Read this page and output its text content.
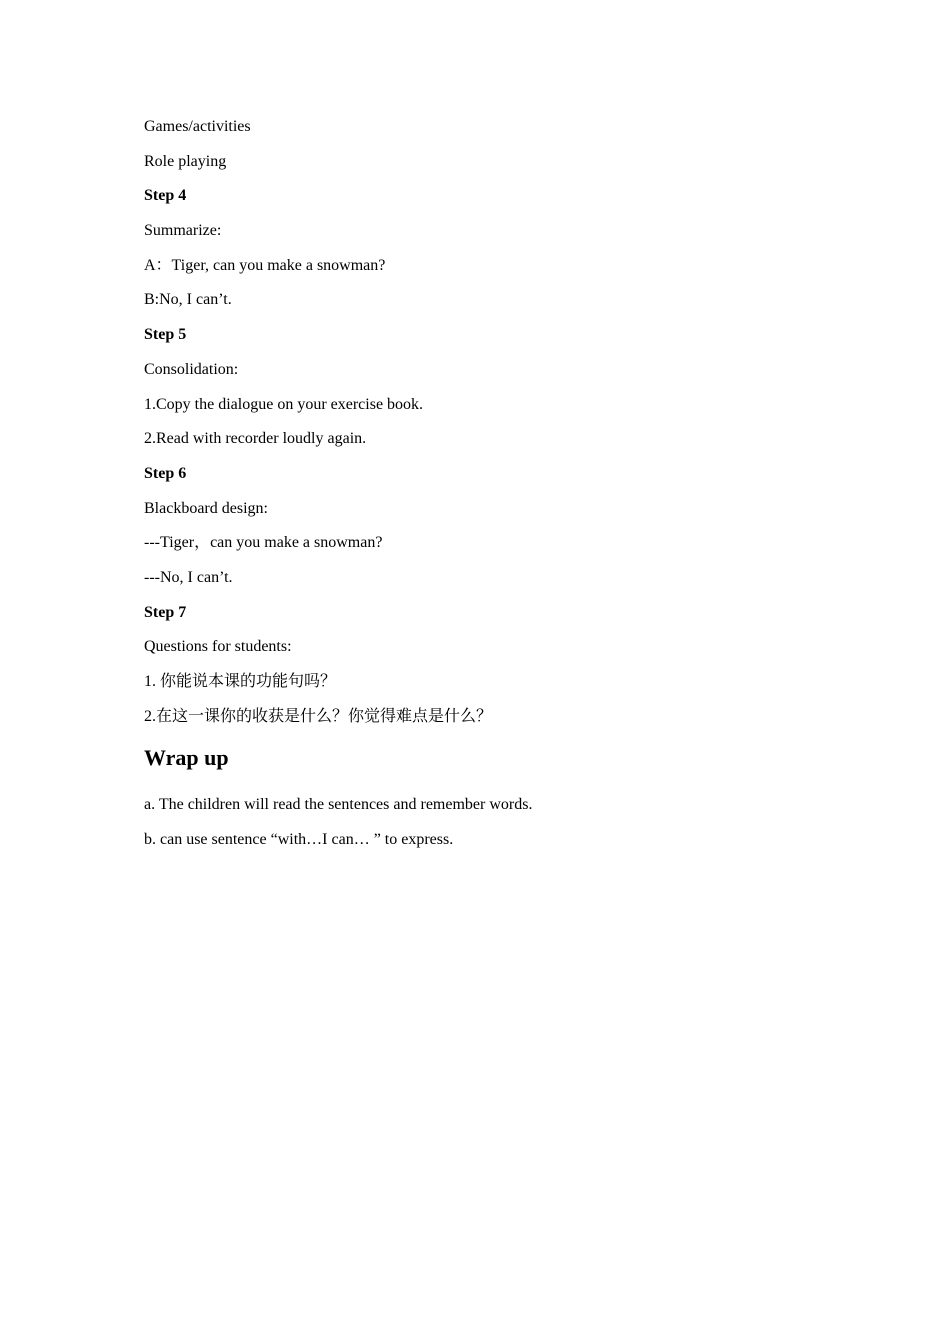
Games/activities
Role playing
Step 4
Summarize:
A：Tiger, can you make a snowman?
B:No, I can’t.
Step 5
Consolidation:
1.Copy the dialogue on your exercise book.
2.Read with recorder loudly again.
Step 6
Blackboard design:
---Tiger，can you make a snowman?
---No, I can’t.
Step 7
Questions for students:
1. 你能说本课的功能句吗？
2.在这一课你的收获是什么？你觉得难点是什么？
Wrap up
a. The children will read the sentences and remember words.
b. can use sentence “with…I can… ” to express.
